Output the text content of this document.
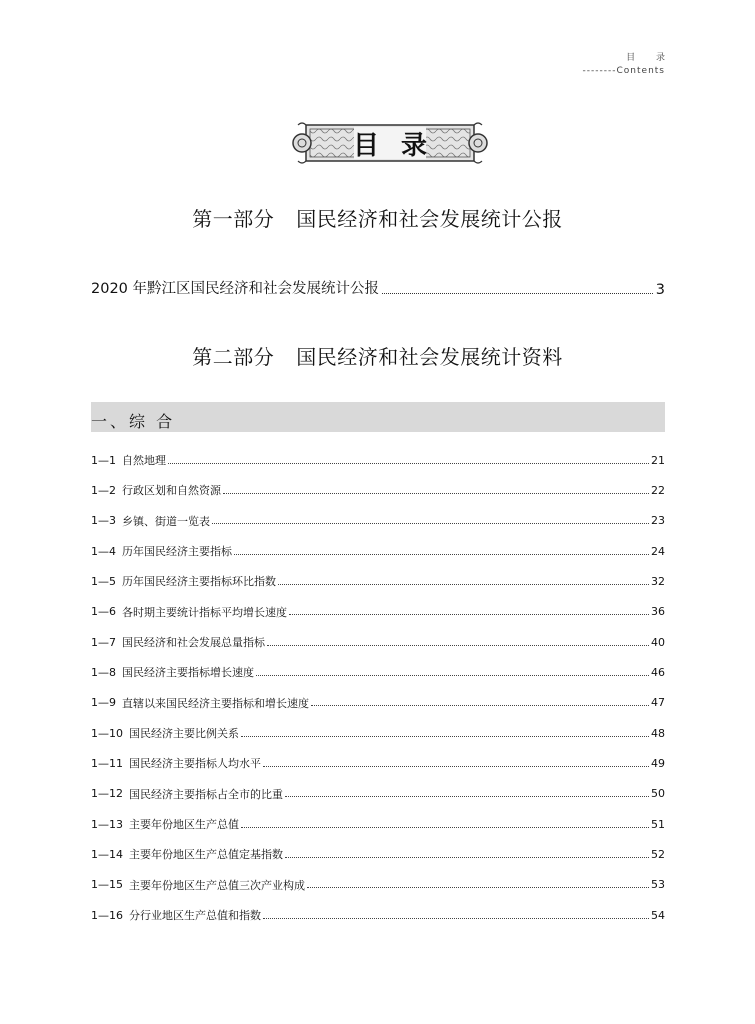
目 录
--------Contents
目录
第一部分 国民经济和社会发展统计公报
2020 年黔江区国民经济和社会发展统计公报	3
第二部分 国民经济和社会发展统计资料
一、综 合
1—1 自然地理	21
1—2 行政区划和自然资源	22
1—3 乡镇、街道一览表	23
1—4 历年国民经济主要指标	24
1—5 历年国民经济主要指标环比指数	32
1—6 各时期主要统计指标平均增长速度	36
1—7 国民经济和社会发展总量指标	40
1—8 国民经济主要指标增长速度	46
1—9 直辖以来国民经济主要指标和增长速度	47
1—10 国民经济主要比例关系	48
1—11 国民经济主要指标人均水平	49
1—12 国民经济主要指标占全市的比重	50
1—13 主要年份地区生产总值	51
1—14 主要年份地区生产总值定基指数	52
1—15 主要年份地区生产总值三次产业构成	53
1—16 分行业地区生产总值和指数	54
